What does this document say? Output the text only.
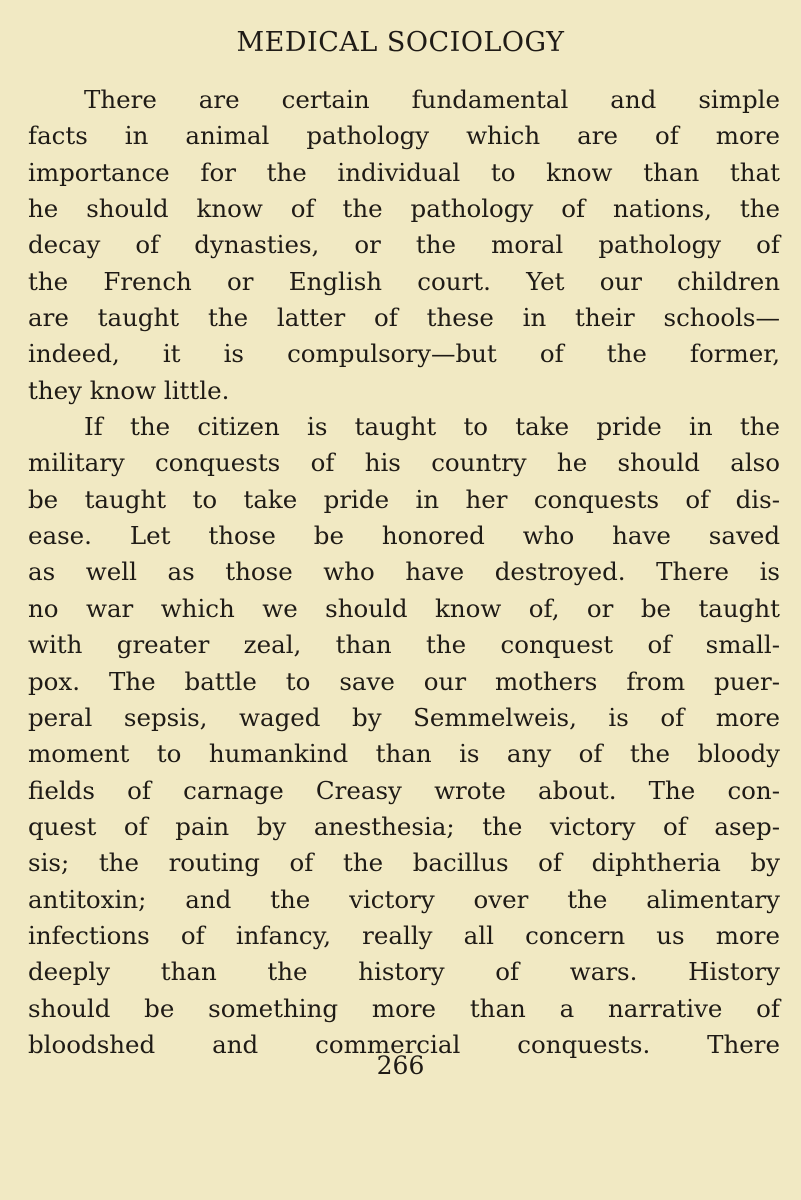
MEDICAL SOCIOLOGY
There are certain fundamental and simple
facts in animal pathology which are of more
importance for the individual to know than that
he should know of the pathology of nations, the
decay of dynasties, or the moral pathology of
the French or English court. Yet our children
are taught the latter of these in their schools—
indeed, it is compulsory—but of the former,
they know little.
If the citizen is taught to take pride in the
military conquests of his country he should also
be taught to take pride in her conquests of dis-
ease. Let those be honored who have saved
as well as those who have destroyed. There is
no war which we should know of, or be taught
with greater zeal, than the conquest of small-
pox. The battle to save our mothers from puer-
peral sepsis, waged by Semmelweis, is of more
moment to humankind than is any of the bloody
fields of carnage Creasy wrote about. The con-
quest of pain by anesthesia; the victory of asep-
sis; the routing of the bacillus of diphtheria by
antitoxin; and the victory over the alimentary
infections of infancy, really all concern us more
deeply than the history of wars. History
should be something more than a narrative of
bloodshed and commercial conquests. There
266
